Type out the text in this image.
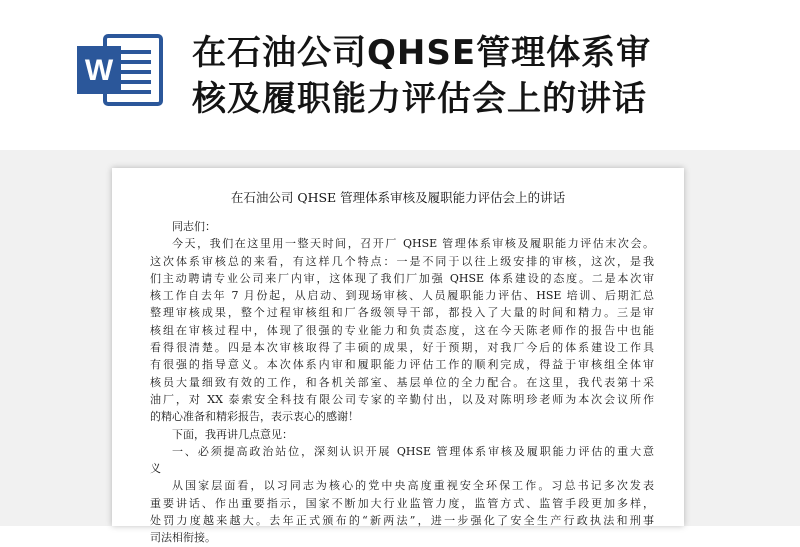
W 在石油公司QHSE管理体系审
核及履职能力评估会上的讲话
在石油公司 QHSE 管理体系审核及履职能力评估会上的讲话
同志们：
今天，我们在这里用一整天时间，召开厂 QHSE 管理体系审核及履职能力评估末次会。
这次体系审核总的来看，有这样几个特点：一是不同于以往上级安排的审核，这次，是我
们主动聘请专业公司来厂内审，这体现了我们厂加强 QHSE 体系建设的态度。二是本次审
核工作自去年 7 月份起，从启动、到现场审核、人员履职能力评估、HSE 培训、后期汇总
整理审核成果，整个过程审核组和厂各级领导干部，都投入了大量的时间和精力。三是审
核组在审核过程中，体现了很强的专业能力和负责态度，这在今天陈老师作的报告中也能
看得很清楚。四是本次审核取得了丰硕的成果，好于预期，对我厂今后的体系建设工作具
有很强的指导意义。本次体系内审和履职能力评估工作的顺利完成，得益于审核组全体审
核员大量细致有效的工作，和各机关部室、基层单位的全力配合。在这里，我代表第十采
油厂，对 XX 泰索安全科技有限公司专家的辛勤付出，以及对陈明珍老师为本次会议所作
的精心准备和精彩报告，表示衷心的感谢！
下面，我再讲几点意见：
一、必须提高政治站位，深刻认识开展 QHSE 管理体系审核及履职能力评估的重大意
义
从国家层面看，以习同志为核心的党中央高度重视安全环保工作。习总书记多次发表
重要讲话、作出重要指示，国家不断加大行业监管力度，监管方式、监管手段更加多样，
处罚力度越来越大。去年正式颁布的“新两法”，进一步强化了安全生产行政执法和刑事
司法相衔接。
